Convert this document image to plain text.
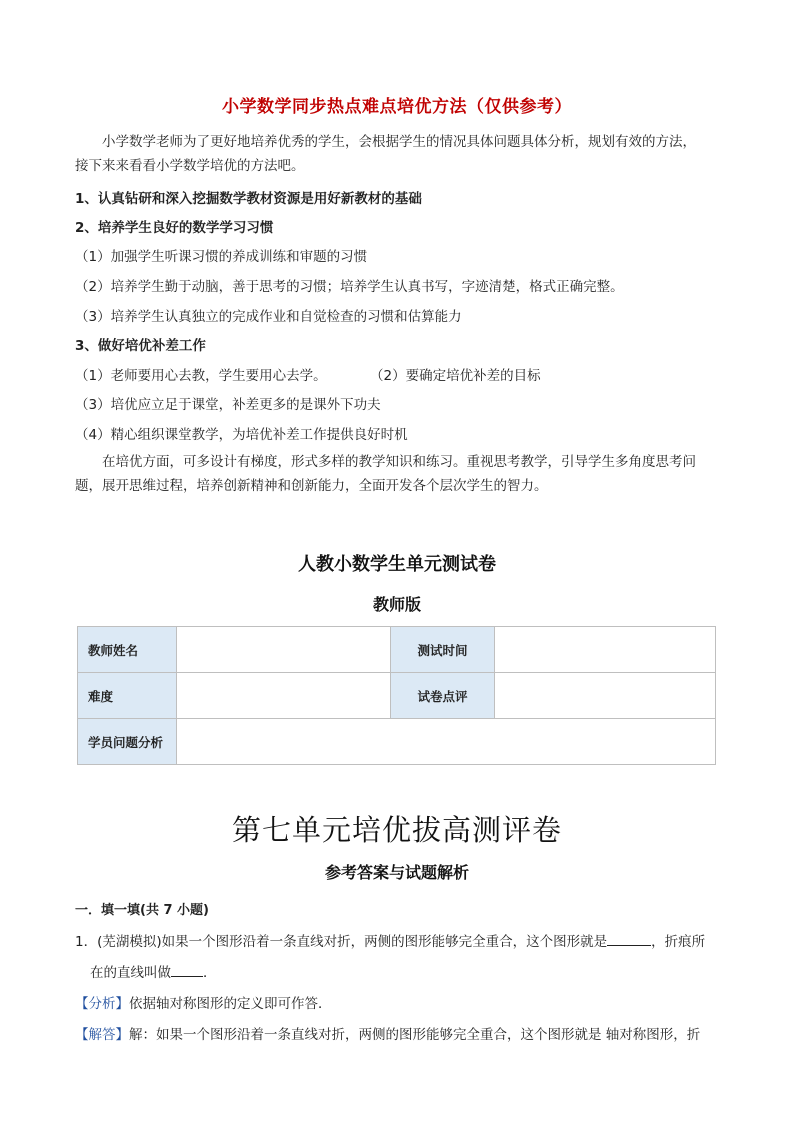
小学数学同步热点难点培优方法（仅供参考）
小学数学老师为了更好地培养优秀的学生，会根据学生的情况具体问题具体分析，规划有效的方法，
接下来来看看小学数学培优的方法吧。
1、认真钻研和深入挖掘数学教材资源是用好新教材的基础
2、培养学生良好的数学学习习惯
（1）加强学生听课习惯的养成训练和审题的习惯
（2）培养学生勤于动脑，善于思考的习惯；培养学生认真书写，字迹清楚，格式正确完整。
（3）培养学生认真独立的完成作业和自觉检查的习惯和估算能力
3、做好培优补差工作
（1）老师要用心去教，学生要用心去学。	（2）要确定培优补差的目标
（3）培优应立足于课堂，补差更多的是课外下功夫
（4）精心组织课堂教学，为培优补差工作提供良好时机
在培优方面，可多设计有梯度，形式多样的教学知识和练习。重视思考教学，引导学生多角度思考问
题，展开思维过程，培养创新精神和创新能力，全面开发各个层次学生的智力。
人教小数学生单元测试卷
教师版
教师姓名		测试时间	
难度		试卷点评	
学员问题分析			
第七单元培优拔高测评卷
参考答案与试题解析
一．填一填(共 7 小题)
1．(芜湖模拟)如果一个图形沿着一条直线对折，两侧的图形能够完全重合，这个图形就是	，折痕所
在的直线叫做 ．
【分析】依据轴对称图形的定义即可作答．
【解答】解：如果一个图形沿着一条直线对折，两侧的图形能够完全重合，这个图形就是 轴对称图形，折
